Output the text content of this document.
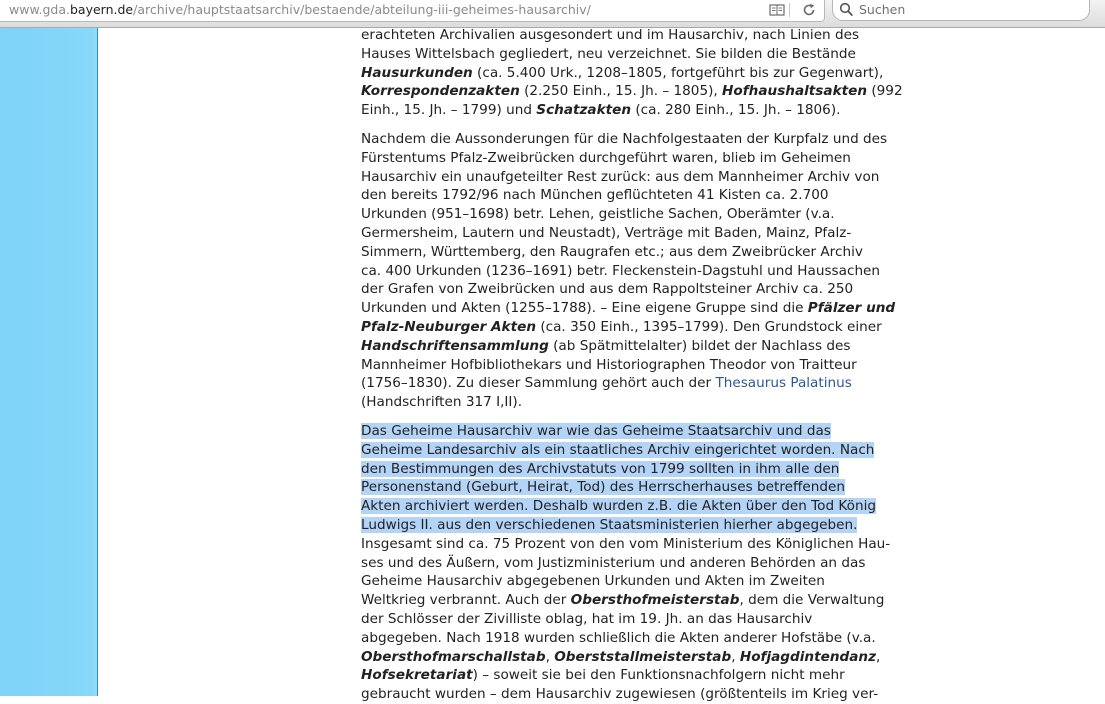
www.gda.bayern.de/archive/hauptstaatsarchiv/bestaende/abteilung-iii-geheimes-hausarchiv/	Suchen

erachteten Archivalien ausgesondert und im Hausarchiv, nach Linien des
Hauses Wittelsbach gegliedert, neu verzeichnet. Sie bilden die Bestände
Hausurkunden (ca. 5.400 Urk., 1208–1805, fortgeführt bis zur Gegenwart),
Korrespondenzakten (2.250 Einh., 15. Jh. – 1805), Hofhaushaltsakten (992
Einh., 15. Jh. – 1799) und Schatzakten (ca. 280 Einh., 15. Jh. – 1806).

Nachdem die Aussonderungen für die Nachfolgestaaten der Kurpfalz und des
Fürstentums Pfalz-Zweibrücken durchgeführt waren, blieb im Geheimen
Hausarchiv ein unaufgeteilter Rest zurück: aus dem Mannheimer Archiv von
den bereits 1792/96 nach München geflüchteten 41 Kisten ca. 2.700
Urkunden (951–1698) betr. Lehen, geistliche Sachen, Oberämter (v.a.
Germersheim, Lautern und Neustadt), Verträge mit Baden, Mainz, Pfalz-
Simmern, Württemberg, den Raugrafen etc.; aus dem Zweibrücker Archiv
ca. 400 Urkunden (1236–1691) betr. Fleckenstein-Dagstuhl und Haussachen
der Grafen von Zweibrücken und aus dem Rappoltsteiner Archiv ca. 250
Urkunden und Akten (1255–1788). – Eine eigene Gruppe sind die Pfälzer und
Pfalz-Neuburger Akten (ca. 350 Einh., 1395–1799). Den Grundstock einer
Handschriftensammlung (ab Spätmittelalter) bildet der Nachlass des
Mannheimer Hofbibliothekars und Historiographen Theodor von Traitteur
(1756–1830). Zu dieser Sammlung gehört auch der Thesaurus Palatinus
(Handschriften 317 I,II).

Das Geheime Hausarchiv war wie das Geheime Staatsarchiv und das
Geheime Landesarchiv als ein staatliches Archiv eingerichtet worden. Nach
den Bestimmungen des Archivstatuts von 1799 sollten in ihm alle den
Personenstand (Geburt, Heirat, Tod) des Herrscherhauses betreffenden
Akten archiviert werden. Deshalb wurden z.B. die Akten über den Tod König
Ludwigs II. aus den verschiedenen Staatsministerien hierher abgegeben.
Insgesamt sind ca. 75 Prozent von den vom Ministerium des Königlichen Hau-
ses und des Äußern, vom Justizministerium und anderen Behörden an das
Geheime Hausarchiv abgegebenen Urkunden und Akten im Zweiten
Weltkrieg verbrannt. Auch der Obersthofmeisterstab, dem die Verwaltung
der Schlösser der Zivilliste oblag, hat im 19. Jh. an das Hausarchiv
abgegeben. Nach 1918 wurden schließlich die Akten anderer Hofstäbe (v.a.
Obersthofmarschallstab, Oberststallmeisterstab, Hofjagdintendanz,
Hofsekretariat) – soweit sie bei den Funktionsnachfolgern nicht mehr
gebraucht wurden – dem Hausarchiv zugewiesen (größtenteils im Krieg ver-
